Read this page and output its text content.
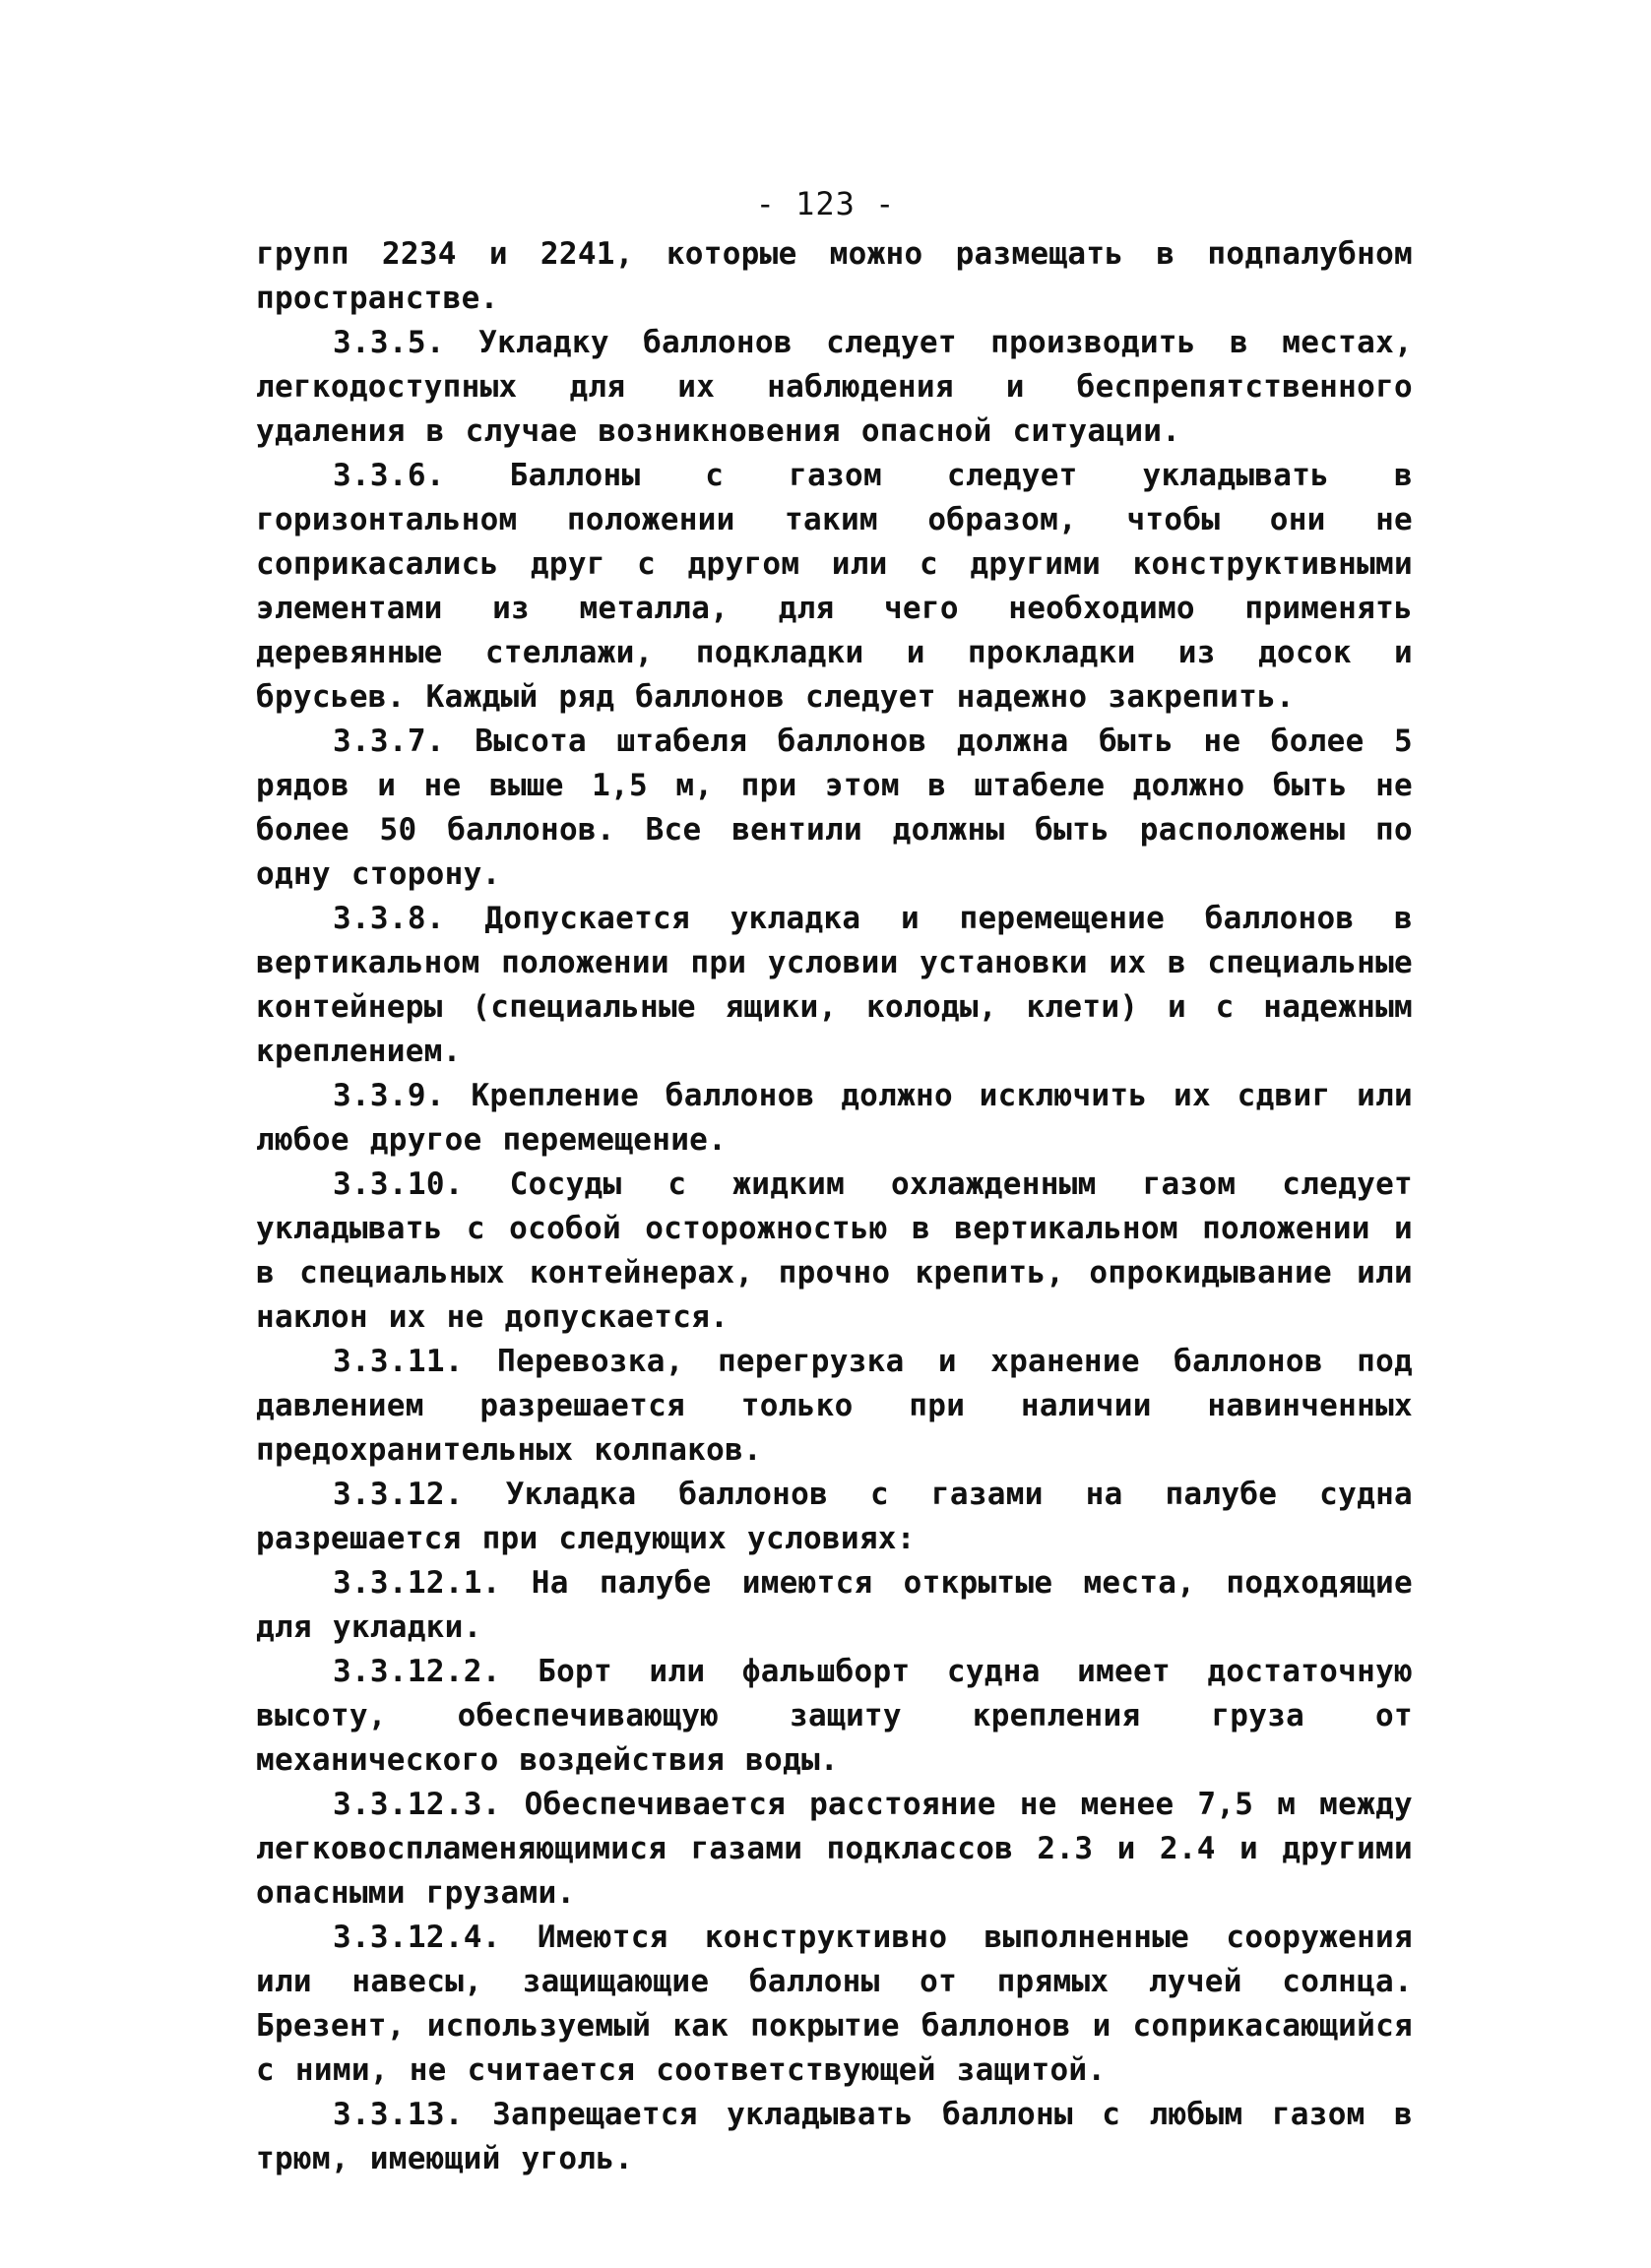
- 123 -

групп 2234 и 2241, которые можно размещать в подпалубном пространстве.

3.3.5. Укладку баллонов следует производить в местах, легкодоступных для их наблюдения и беспрепятственного удаления в случае возникновения опасной ситуации.

3.3.6. Баллоны с газом следует укладывать в горизонтальном положении таким образом, чтобы они не соприкасались друг с другом или с другими конструктивными элементами из металла, для чего необходимо применять деревянные стеллажи, подкладки и прокладки из досок и брусьев. Каждый ряд баллонов следует надежно закрепить.

3.3.7. Высота штабеля баллонов должна быть не более 5 рядов и не выше 1,5 м, при этом в штабеле должно быть не более 50 баллонов. Все вентили должны быть расположены по одну сторону.

3.3.8. Допускается укладка и перемещение баллонов в вертикальном положении при условии установки их в специальные контейнеры (специальные ящики, колоды, клети) и с надежным креплением.

3.3.9. Крепление баллонов должно исключить их сдвиг или любое другое перемещение.

3.3.10. Сосуды с жидким охлажденным газом следует укладывать с особой осторожностью в вертикальном положении и в специальных контейнерах, прочно крепить, опрокидывание или наклон их не допускается.

3.3.11. Перевозка, перегрузка и хранение баллонов под давлением разрешается только при наличии навинченных предохранительных колпаков.

3.3.12. Укладка баллонов с газами на палубе судна разрешается при следующих условиях:

3.3.12.1. На палубе имеются открытые места, подходящие для укладки.

3.3.12.2. Борт или фальшборт судна имеет достаточную высоту, обеспечивающую защиту крепления груза от механического воздействия воды.

3.3.12.3. Обеспечивается расстояние не менее 7,5 м между легковоспламеняющимися газами подклассов 2.3 и 2.4 и другими опасными грузами.

3.3.12.4. Имеются конструктивно выполненные сооружения или навесы, защищающие баллоны от прямых лучей солнца. Брезент, используемый как покрытие баллонов и соприкасающийся с ними, не считается соответствующей защитой.

3.3.13. Запрещается укладывать баллоны с любым газом в трюм, имеющий уголь.
